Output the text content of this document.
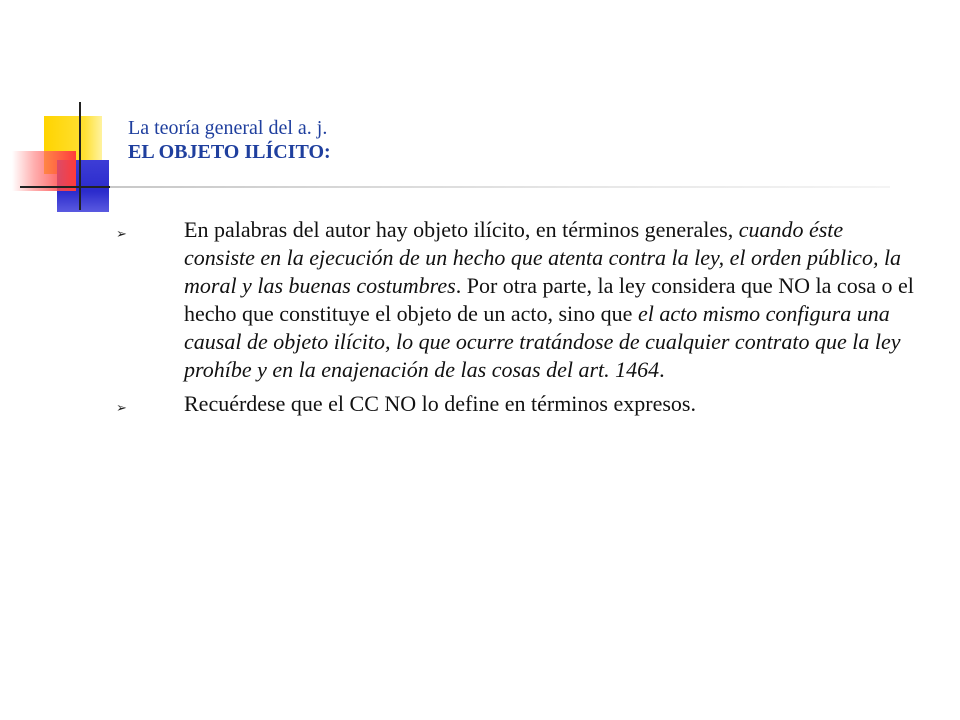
La teoría general del a. j.
EL OBJETO ILÍCITO:
➢	En palabras del autor hay objeto ilícito, en términos generales, cuando éste consiste en la ejecución de un hecho que atenta contra la ley, el orden público, la moral y las buenas costumbres. Por otra parte, la ley considera que NO la cosa o el hecho que constituye el objeto de un acto, sino que el acto mismo configura una causal de objeto ilícito, lo que ocurre tratándose de cualquier contrato que la ley prohíbe y en la enajenación de las cosas del art. 1464.
➢	Recuérdese que el CC NO lo define en términos expresos.
